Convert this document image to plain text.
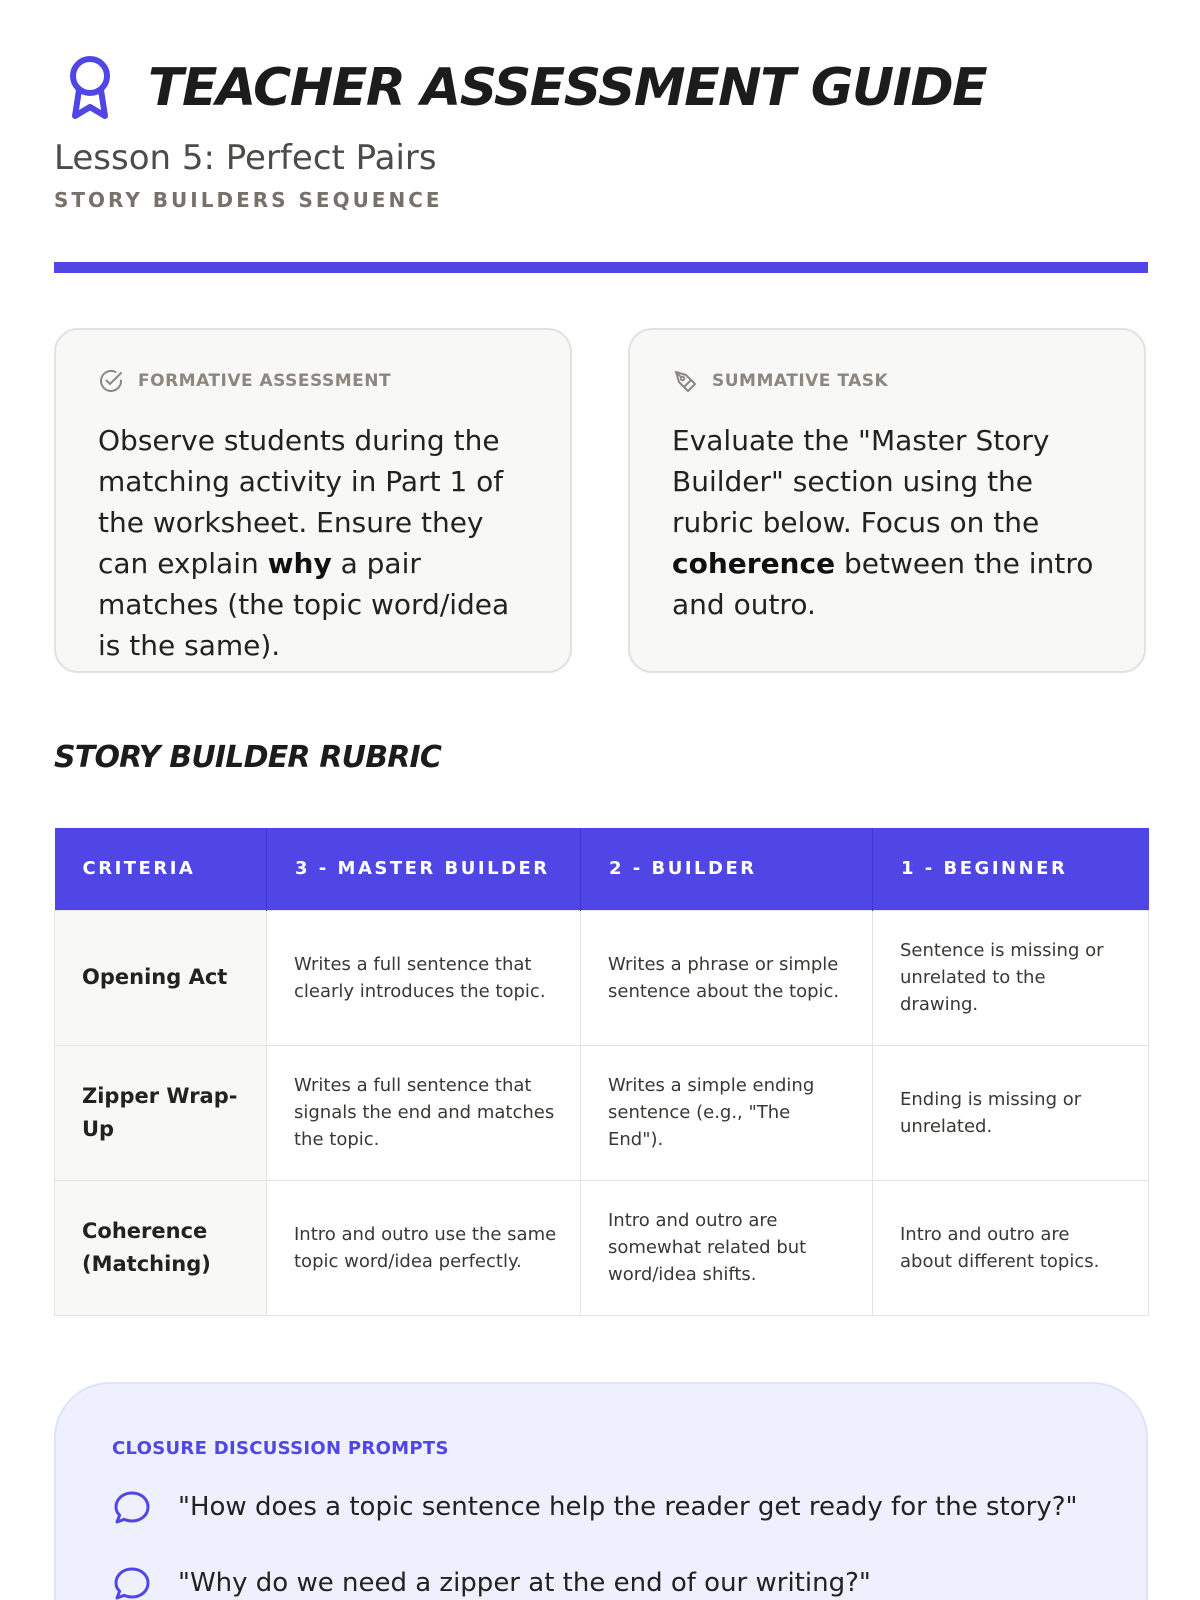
TEACHER ASSESSMENT GUIDE
Lesson 5: Perfect Pairs
STORY BUILDERS SEQUENCE
FORMATIVE ASSESSMENT

Observe students during the matching activity in Part 1 of the worksheet. Ensure they can explain why a pair matches (the topic word/idea is the same).

SUMMATIVE TASK

Evaluate the "Master Story Builder" section using the rubric below. Focus on the coherence between the intro and outro.

STORY BUILDER RUBRIC
CRITERIA	3 - MASTER BUILDER	2 - BUILDER	1 - BEGINNER
Opening Act	Writes a full sentence that clearly introduces the topic.	Writes a phrase or simple sentence about the topic.	Sentence is missing or unrelated to the drawing.
Zipper Wrap-Up	Writes a full sentence that signals the end and matches the topic.	Writes a simple ending sentence (e.g., "The End").	Ending is missing or unrelated.
Coherence (Matching)	Intro and outro use the same topic word/idea perfectly.	Intro and outro are somewhat related but word/idea shifts.	Intro and outro are about different topics.
CLOSURE DISCUSSION PROMPTS
"How does a topic sentence help the reader get ready for the story?"
"Why do we need a zipper at the end of our writing?"
